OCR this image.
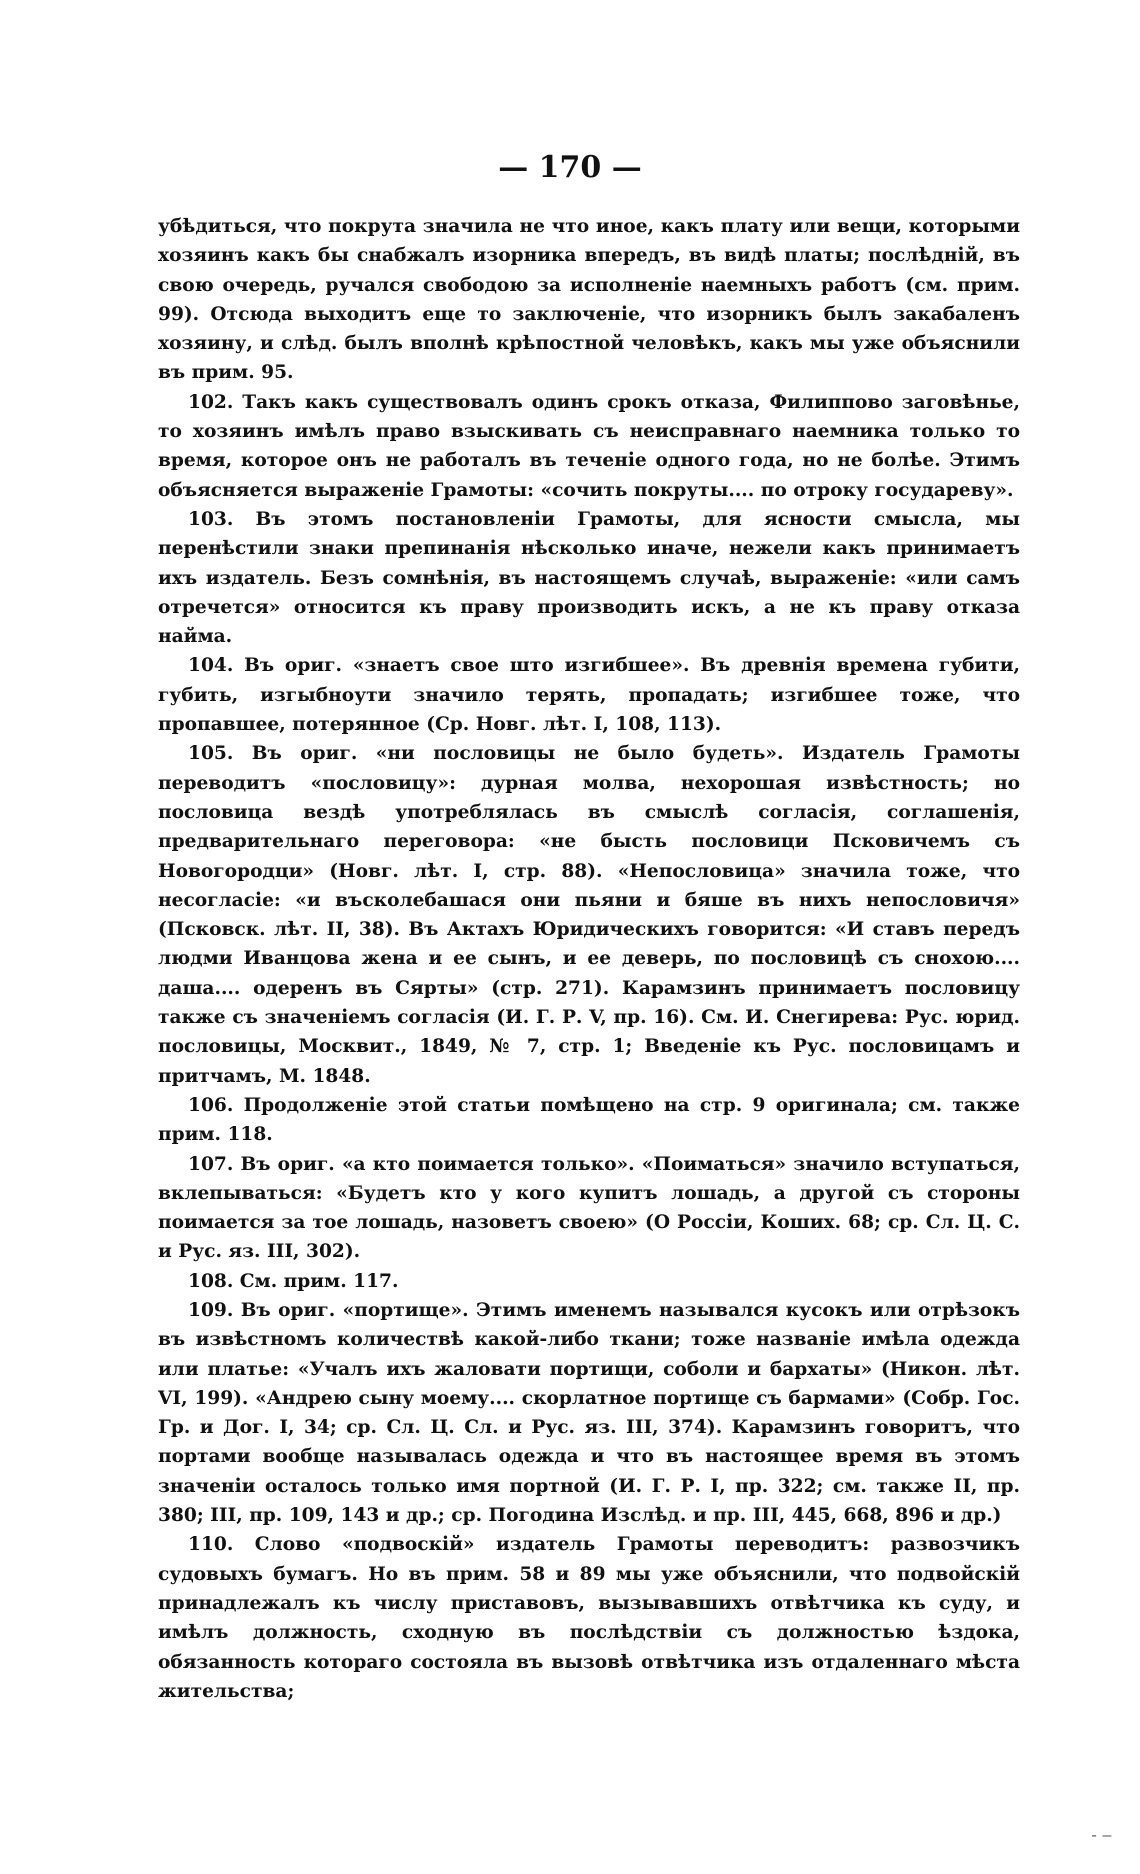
— 170 —

убѣдиться, что покрута значила не что иное, какъ плату или вещи, которыми хозяинъ какъ бы снабжалъ изорника впередъ, въ видѣ платы; послѣдній, въ свою очередь, ручался свободою за исполненіе наемныхъ работъ (см. прим. 99). Отсюда выходитъ еще то заключеніе, что изорникъ былъ закабаленъ хозяину, и слѣд. былъ вполнѣ крѣпостной человѣкъ, какъ мы уже объяснили въ прим. 95.

102. Такъ какъ существовалъ одинъ срокъ отказа, Филиппово заговѣнье, то хозяинъ имѣлъ право взыскивать съ неисправнаго наемника только то время, которое онъ не работалъ въ теченіе одного года, но не болѣе. Этимъ объясняется выраженіе Грамоты: «сочить покруты.... по отроку государеву».

103. Въ этомъ постановленіи Грамоты, для ясности смысла, мы перенѣстили знаки препинанія нѣсколько иначе, нежели какъ принимаетъ ихъ издатель. Безъ сомнѣнія, въ настоящемъ случаѣ, выраженіе: «или самъ отречется» относится къ праву производить искъ, а не къ праву отказа найма.

104. Въ ориг. «знаетъ свое што изгибшее». Въ древнія времена губити, губить, изгыбноути значило терять, пропадать; изгибшее тоже, что пропавшее, потерянное (Ср. Новг. лѣт. I, 108, 113).

105. Въ ориг. «ни пословицы не было будеть». Издатель Грамоты переводитъ «пословицу»: дурная молва, нехорошая извѣстность; но пословица вездѣ употреблялась въ смыслѣ согласія, соглашенія, предварительнаго переговора: «не бысть пословици Псковичемъ съ Новогородци» (Новг. лѣт. I, стр. 88). «Непословица» значила тоже, что несогласіе: «и въсколебашася они пьяни и бяше въ нихъ непословичя» (Псковск. лѣт. II, 38). Въ Актахъ Юридическихъ говорится: «И ставъ передъ людми Иванцова жена и ее сынъ, и ее деверь, по пословицѣ съ снохою.... даша.... одеренъ въ Сярты» (стр. 271). Карамзинъ принимаетъ пословицу также съ значеніемъ согласія (И. Г. Р. V, пр. 16). См. И. Снегирева: Рус. юрид. пословицы, Москвит., 1849, № 7, стр. 1; Введеніе къ Рус. пословицамъ и притчамъ, М. 1848.

106. Продолженіе этой статьи помѣщено на стр. 9 оригинала; см. также прим. 118.

107. Въ ориг. «а кто поимается только». «Поиматься» значило вступаться, вклепываться: «Будетъ кто у кого купитъ лошадь, а другой съ стороны поимается за тое лошадь, назоветъ своею» (О Россіи, Коших. 68; ср. Сл. Ц. С. и Рус. яз. III, 302).

108. См. прим. 117.

109. Въ ориг. «портище». Этимъ именемъ назывался кусокъ или отрѣзокъ въ извѣстномъ количествѣ какой-либо ткани; тоже названіе имѣла одежда или платье: «Учалъ ихъ жаловати портищи, соболи и бархаты» (Никон. лѣт. VI, 199). «Андрею сыну моему.... скорлатное портище съ бармами» (Собр. Гос. Гр. и Дог. I, 34; ср. Сл. Ц. Сл. и Рус. яз. III, 374). Карамзинъ говоритъ, что портами вообще называлась одежда и что въ настоящее время въ этомъ значеніи осталось только имя портной (И. Г. Р. I, пр. 322; см. также II, пр. 380; III, пр. 109, 143 и др.; ср. Погодина Изслѣд. и пр. III, 445, 668, 896 и др.)

110. Слово «подвоскій» издатель Грамоты переводитъ: развозчикъ судовыхъ бумагъ. Но въ прим. 58 и 89 мы уже объяснили, что подвойскій принадлежалъ къ числу приставовъ, вызывавшихъ отвѣтчика къ суду, и имѣлъ должность, сходную въ послѣдствіи съ должностью ѣздока, обязанность котораго состояла въ вызовѣ отвѣтчика изъ отдаленнаго мѣста жительства;

- ‒
